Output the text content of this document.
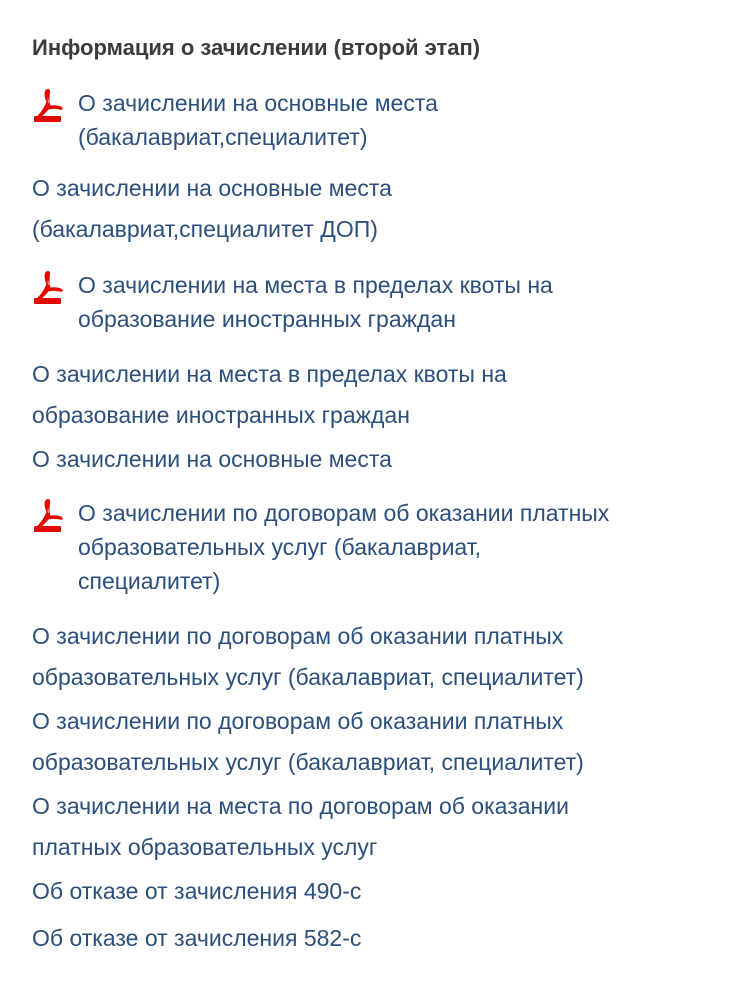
Информация о зачислении (второй этап)
О зачислении на основные места
(бакалавриат,специалитет)
О зачислении на основные места
(бакалавриат,специалитет ДОП)
О зачислении на места в пределах квоты на
образование иностранных граждан
О зачислении на места в пределах квоты на
образование иностранных граждан
О зачислении на основные места
О зачислении по договорам об оказании платных
образовательных услуг (бакалавриат,
специалитет)
О зачислении по договорам об оказании платных
образовательных услуг (бакалавриат, специалитет)
О зачислении по договорам об оказании платных
образовательных услуг (бакалавриат, специалитет)
О зачислении на места по договорам об оказании
платных образовательных услуг
Об отказе от зачисления 490-с
Об отказе от зачисления 582-с
